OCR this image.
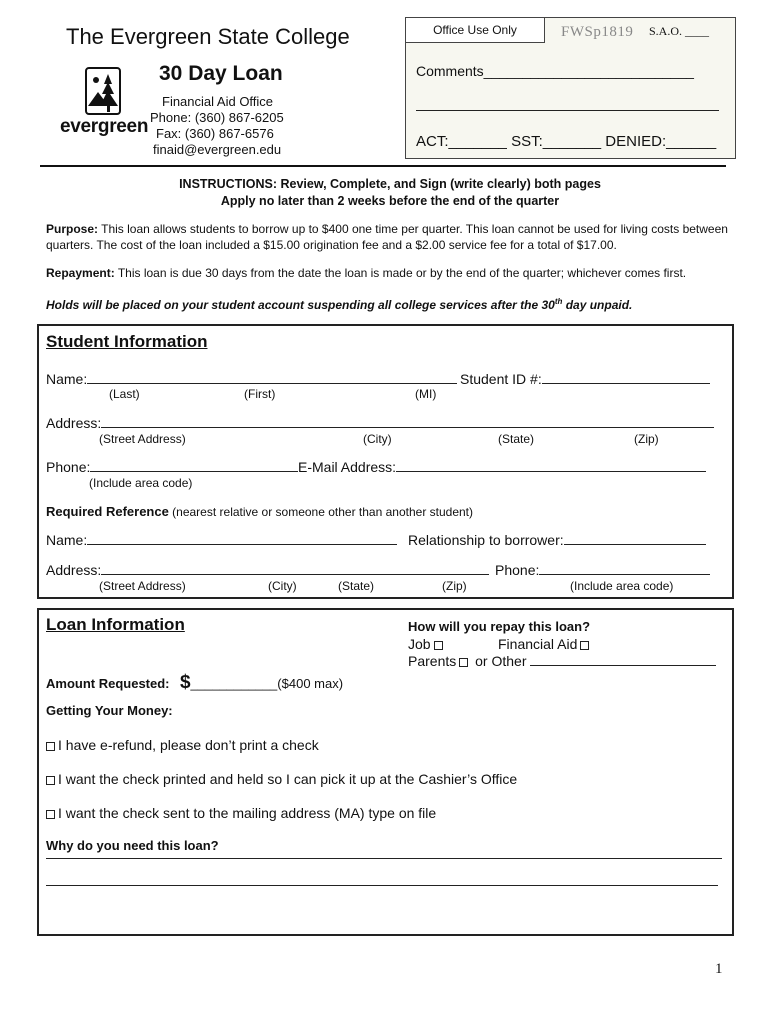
The Evergreen State College
evergreen
30 Day Loan
Financial Aid Office
Phone: (360) 867-6205
Fax: (360) 867-6576
finaid@evergreen.edu
Office Use Only	FWSp1819 S.A.O. ____
Comments___________________________
ACT:_______ SST:_______ DENIED:______
INSTRUCTIONS: Review, Complete, and Sign (write clearly) both pages
Apply no later than 2 weeks before the end of the quarter
Purpose: This loan allows students to borrow up to $400 one time per quarter. This loan cannot be used for living costs between quarters. The cost of the loan included a $15.00 origination fee and a $2.00 service fee for a total of $17.00.
Repayment: This loan is due 30 days from the date the loan is made or by the end of the quarter; whichever comes first.
Holds will be placed on your student account suspending all college services after the 30th day unpaid.
Student Information
Name:	Student ID #:
(Last)	(First)	(MI)
Address:
(Street Address)	(City)	(State)	(Zip)
Phone:	E-Mail Address:
(Include area code)
Required Reference (nearest relative or someone other than another student)
Name:	Relationship to borrower:
Address:	Phone:
(Street Address)	(City)	(State)	(Zip)	(Include area code)
Loan Information	How will you repay this loan?
Job	Financial Aid
Parents or Other
Amount Requested: $____________($400 max)
Getting Your Money:
I have e-refund, please don’t print a check
I want the check printed and held so I can pick it up at the Cashier’s Office
I want the check sent to the mailing address (MA) type on file
Why do you need this loan?
1
